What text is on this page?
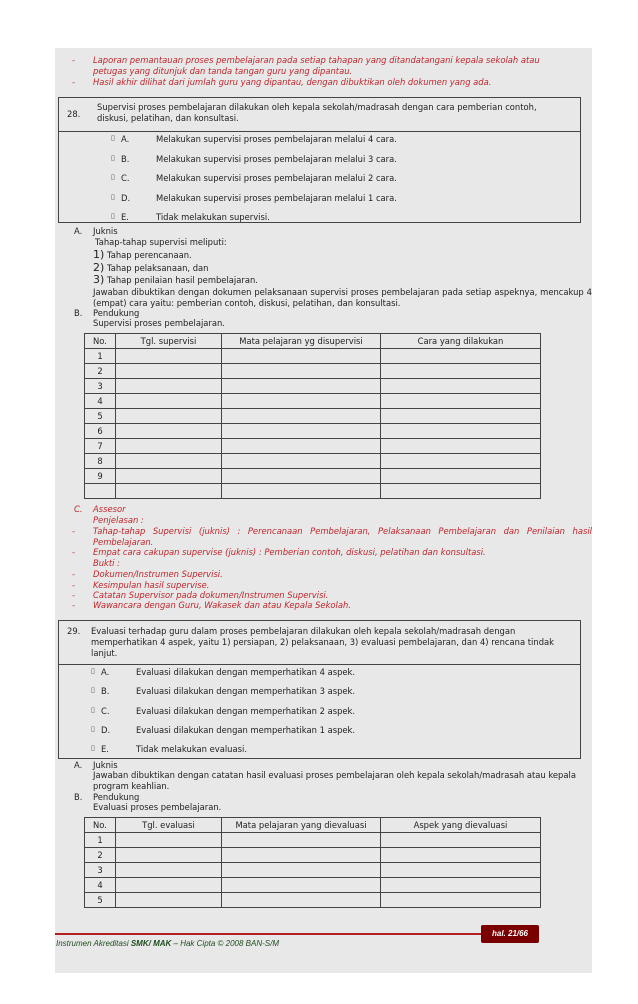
- Laporan pemantauan proses pembelajaran pada setiap tahapan yang ditandatangani kepala sekolah atau
petugas yang ditunjuk dan tanda tangan guru yang dipantau.
- Hasil akhir dilihat dari jumlah guru yang dipantau, dengan dibuktikan oleh dokumen yang ada.
28.
Supervisi proses pembelajaran dilakukan oleh kepala sekolah/madrasah dengan cara pemberian contoh, diskusi, pelatihan, dan konsultasi.
▯ A.	Melakukan supervisi proses pembelajaran melalui 4 cara.
▯ B.	Melakukan supervisi proses pembelajaran melalui 3 cara.
▯ C.	Melakukan supervisi proses pembelajaran melalui 2 cara.
▯ D.	Melakukan supervisi proses pembelajaran melalui 1 cara.
▯ E.	Tidak melakukan supervisi.
A. Juknis
Tahap-tahap supervisi meliputi:
1) Tahap perencanaan.
2) Tahap pelaksanaan, dan
3) Tahap penilaian hasil pembelajaran.
Jawaban dibuktikan dengan dokumen pelaksanaan supervisi proses pembelajaran pada setiap aspeknya, mencakup 4 (empat) cara yaitu: pemberian contoh, diskusi, pelatihan, dan konsultasi.
B. Pendukung
Supervisi proses pembelajaran.
No.	Tgl. supervisi	Mata pelajaran yg disupervisi	Cara yang dilakukan
1			
2			
3			
4			
5			
6			
7			
8			
9			

C. Assesor
Penjelasan :
- Tahap-tahap Supervisi (juknis) : Perencanaan Pembelajaran, Pelaksanaan Pembelajaran dan Penilaian hasil Pembelajaran.
- Empat cara cakupan supervise (juknis) : Pemberian contoh, diskusi, pelatihan dan konsultasi.
Bukti :
- Dokumen/Instrumen Supervisi.
- Kesimpulan hasil supervise.
- Catatan Supervisor pada dokumen/Instrumen Supervisi.
- Wawancara dengan Guru, Wakasek dan atau Kepala Sekolah.
29. Evaluasi terhadap guru dalam proses pembelajaran dilakukan oleh kepala sekolah/madrasah dengan memperhatikan 4 aspek, yaitu 1) persiapan, 2) pelaksanaan, 3) evaluasi pembelajaran, dan 4) rencana tindak lanjut.
▯ A.	Evaluasi dilakukan dengan memperhatikan 4 aspek.
▯ B.	Evaluasi dilakukan dengan memperhatikan 3 aspek.
▯ C.	Evaluasi dilakukan dengan memperhatikan 2 aspek.
▯ D.	Evaluasi dilakukan dengan memperhatikan 1 aspek.
▯ E.	Tidak melakukan evaluasi.
A. Juknis
Jawaban dibuktikan dengan catatan hasil evaluasi proses pembelajaran oleh kepala sekolah/madrasah atau kepala program keahlian.
B. Pendukung
Evaluasi proses pembelajaran.
No.	Tgl. evaluasi	Mata pelajaran yang dievaluasi	Aspek yang dievaluasi
1			
2			
3			
4			
5			
hal. 21/66
Instrumen Akreditasi SMK/ MAK – Hak Cipta © 2008 BAN-S/M
